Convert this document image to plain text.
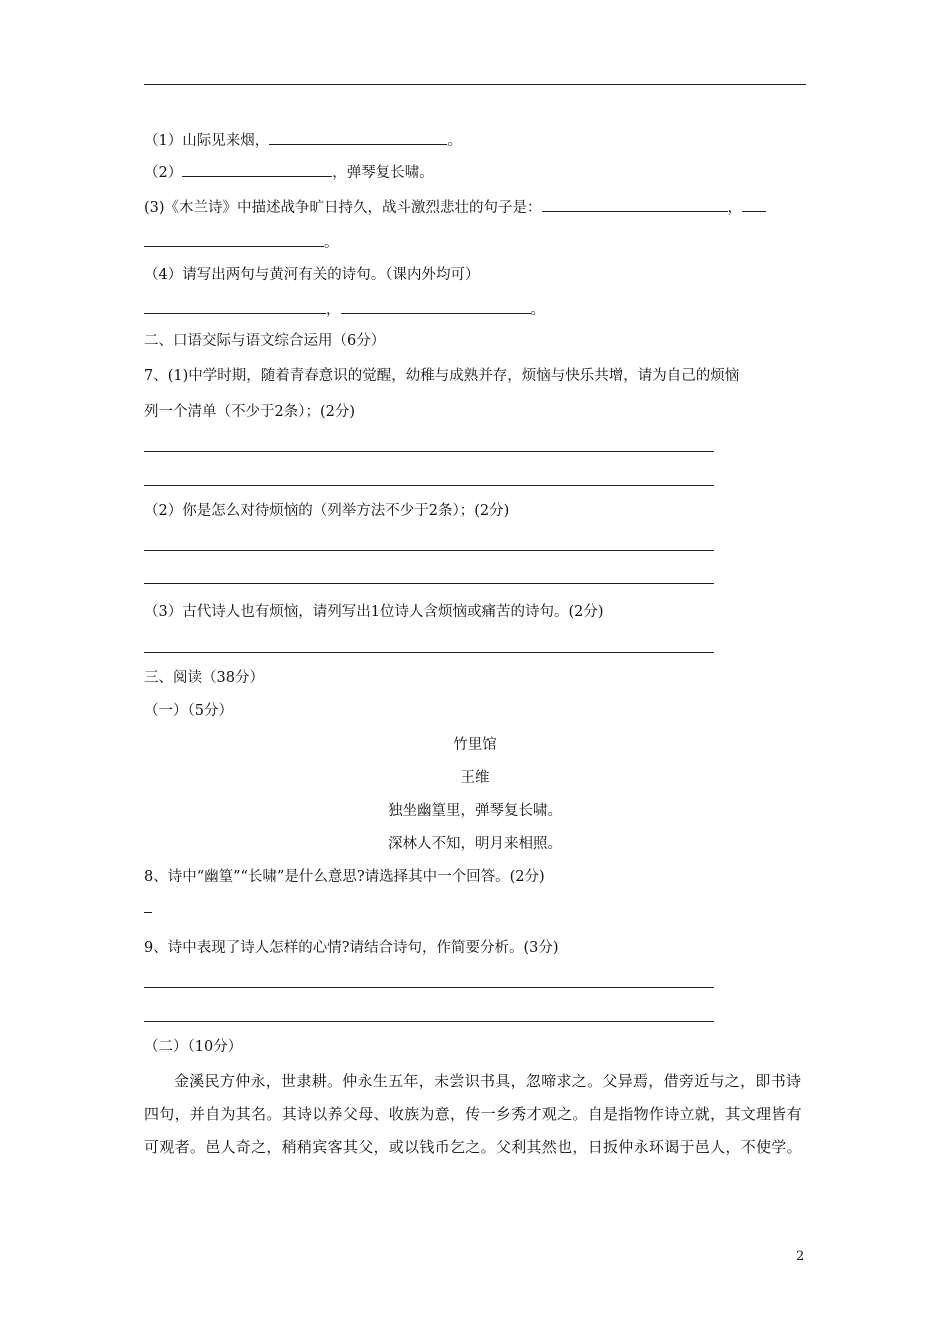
（1）山际见来烟，	。
（2）	，弹琴复长啸。
(3)《木兰诗》中描述战争旷日持久，战斗激烈悲壮的句子是：	，
。
（4）请写出两句与黄河有关的诗句。（课内外均可）
，	。
二、口语交际与语文综合运用（6分）
7、(1)中学时期，随着青春意识的觉醒，幼稚与成熟并存，烦恼与快乐共增，请为自己的烦恼
列一个清单（不少于2条）；(2分)
（2）你是怎么对待烦恼的（列举方法不少于2条）；(2分)
（3）古代诗人也有烦恼，请列写出1位诗人含烦恼或痛苦的诗句。(2分)
三、阅读（38分）
（一）（5分）
竹里馆
王维
独坐幽篁里，弹琴复长啸。
深林人不知，明月来相照。
8、诗中“幽篁”“长啸”是什么意思?请选择其中一个回答。(2分)
9、诗中表现了诗人怎样的心情?请结合诗句，作简要分析。(3分)
（二）（10分）
金溪民方仲永，世隶耕。仲永生五年，未尝识书具，忽啼求之。父异焉，借旁近与之，即书诗四句，并自为其名。其诗以养父母、收族为意，传一乡秀才观之。自是指物作诗立就，其文理皆有可观者。邑人奇之，稍稍宾客其父，或以钱币乞之。父利其然也，日扳仲永环谒于邑人，不使学。
2
